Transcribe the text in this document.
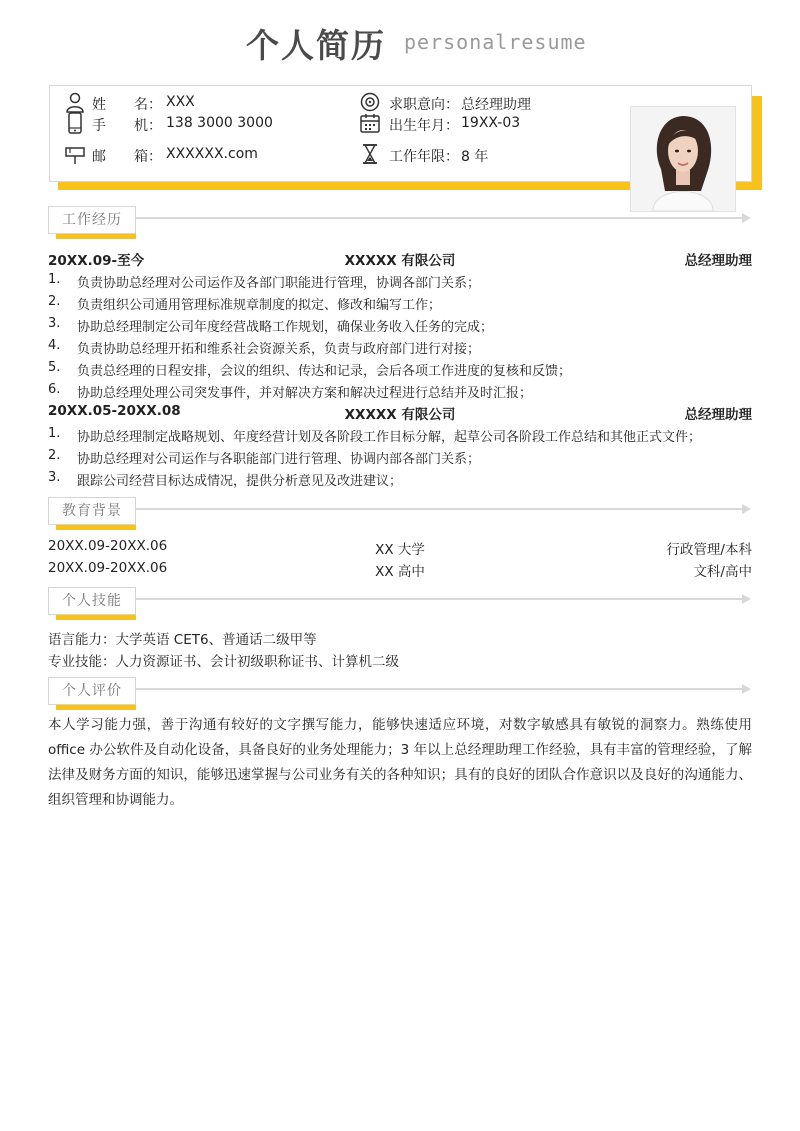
个人简历 personalresume
姓　　名： XXX
手　　机： 138 3000 3000
邮　　箱： XXXXXX.com
求职意向： 总经理助理
出生年月： 19XX-03
工作年限： 8 年
工作经历
20XX.09-至今	XXXXX 有限公司	总经理助理
1. 负责协助总经理对公司运作及各部门职能进行管理，协调各部门关系；
2. 负责组织公司通用管理标准规章制度的拟定、修改和编写工作；
3. 协助总经理制定公司年度经营战略工作规划，确保业务收入任务的完成；
4. 负责协助总经理开拓和维系社会资源关系，负责与政府部门进行对接；
5. 负责总经理的日程安排，会议的组织、传达和记录，会后各项工作进度的复核和反馈；
6. 协助总经理处理公司突发事件，并对解决方案和解决过程进行总结并及时汇报；
20XX.05-20XX.08	XXXXX 有限公司	总经理助理
1. 协助总经理制定战略规划、年度经营计划及各阶段工作目标分解，起草公司各阶段工作总结和其他正式文件；
2. 协助总经理对公司运作与各职能部门进行管理、协调内部各部门关系；
3. 跟踪公司经营目标达成情况，提供分析意见及改进建议；
教育背景
20XX.09-20XX.06	XX 大学	行政管理/本科
20XX.09-20XX.06	XX 高中	文科/高中
个人技能
语言能力：大学英语 CET6、普通话二级甲等
专业技能：人力资源证书、会计初级职称证书、计算机二级
个人评价
本人学习能力强，善于沟通有较好的文字撰写能力，能够快速适应环境，对数字敏感具有敏锐的洞察力。熟练使用 office 办公软件及自动化设备，具备良好的业务处理能力；3 年以上总经理助理工作经验，具有丰富的管理经验，了解法律及财务方面的知识，能够迅速掌握与公司业务有关的各种知识；具有的良好的团队合作意识以及良好的沟通能力、组织管理和协调能力。
